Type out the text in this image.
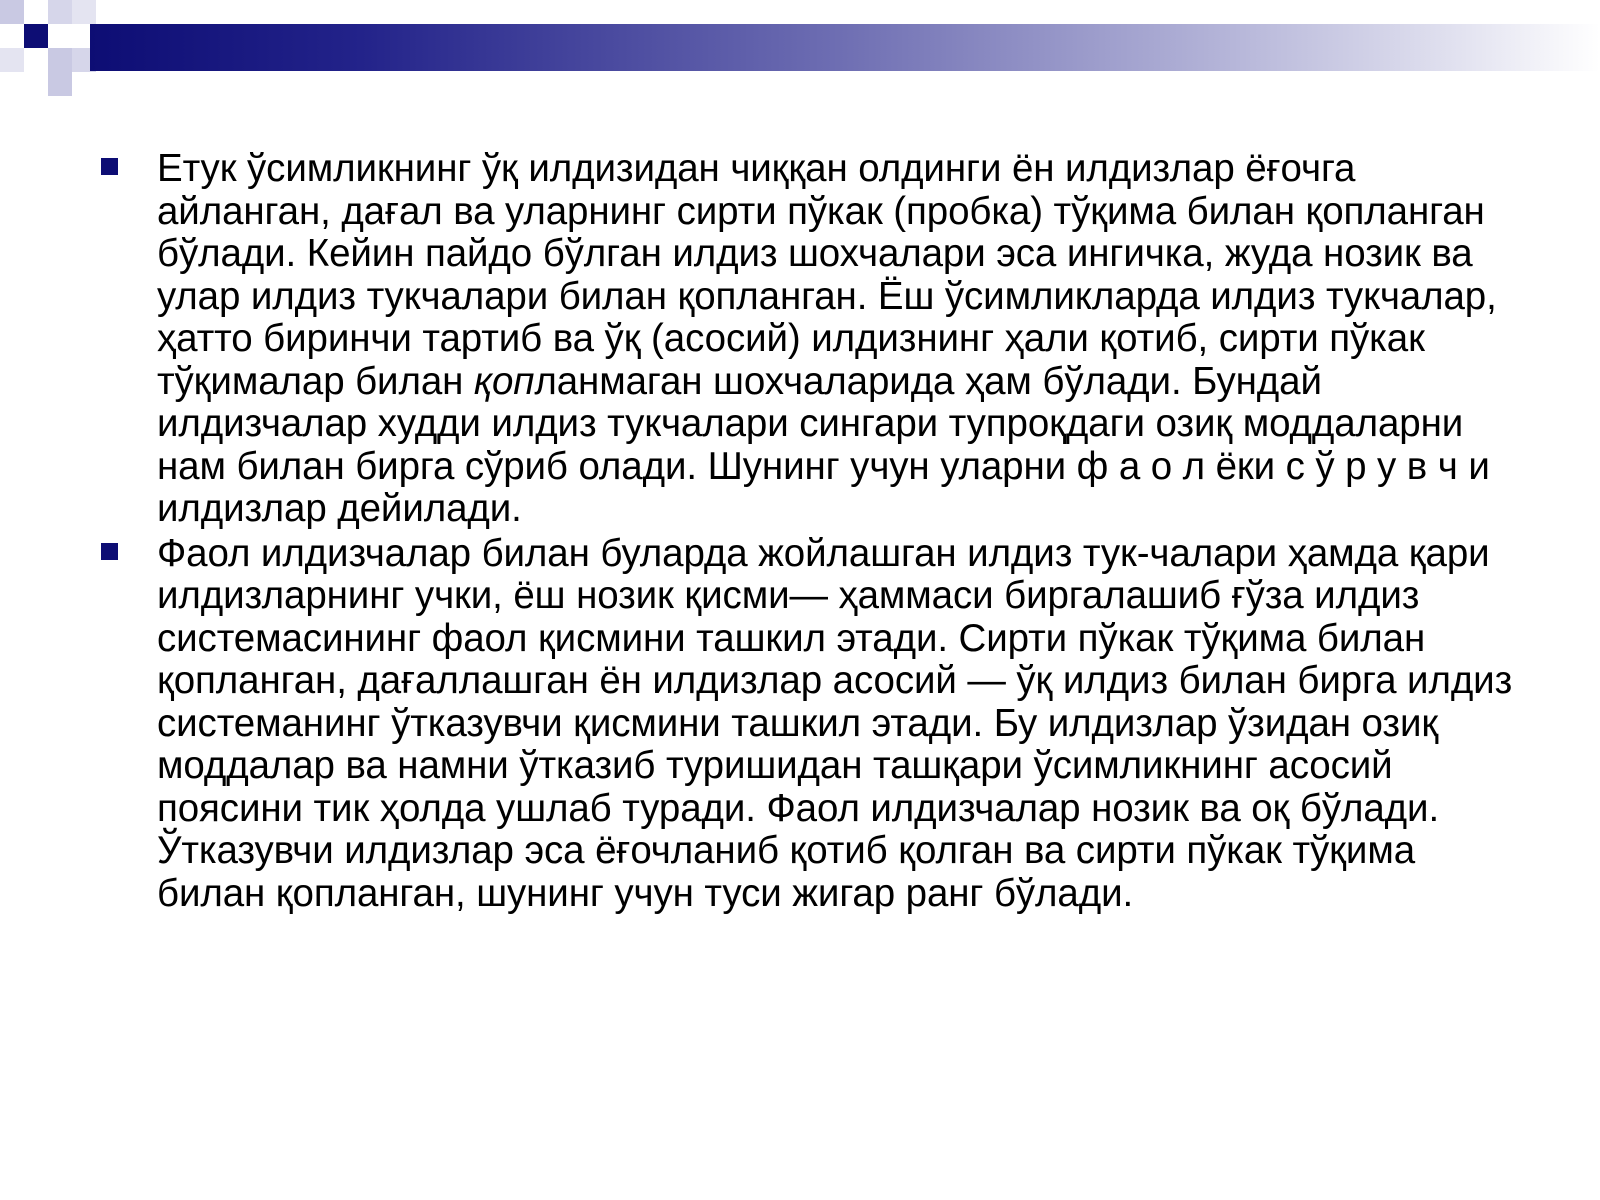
Етук ўсимликнинг ўқ илдизидан чиққан олдинги ён илдизлар ёғочга айланган, дағал ва уларнинг сирти пўкак (пробка) тўқима билан қопланган бўлади. Кейин пайдо бўлган илдиз шохчалари эса ингичка, жуда нозик ва улар илдиз тукчалари билан қопланган. Ёш ўсимликларда илдиз тукчалар, ҳатто биринчи тартиб ва ўқ (асосий) илдизнинг ҳали қотиб, сирти пўкак тўқималар билан қопланмаган шохчаларида ҳам бўлади. Бундай илдизчалар худди илдиз тукчалари сингари тупроқдаги озиқ моддаларни нам билан бирга сўриб олади. Шунинг учун уларни ф а о л ёки с ў р у в ч и илдизлар дейилади.
Фаол илдизчалар билан буларда жойлашган илдиз тук-чалари ҳамда қари илдизларнинг учки, ёш нозик қисми— ҳаммаси биргалашиб ғўза илдиз системасининг фаол қисмини ташкил этади. Сирти пўкак тўқима билан қопланган, дағаллашган ён илдизлар асосий — ўқ илдиз билан бирга илдиз системанинг ўтказувчи қисмини ташкил этади. Бу илдизлар ўзидан озиқ моддалар ва намни ўтказиб туришидан ташқари ўсимликнинг асосий поясини тик ҳолда ушлаб туради. Фаол илдизчалар нозик ва оқ бўлади. Ўтказувчи илдизлар эса ёғочланиб қотиб қолган ва сирти пўкак тўқима билан қопланган, шунинг учун туси жигар ранг бўлади.
